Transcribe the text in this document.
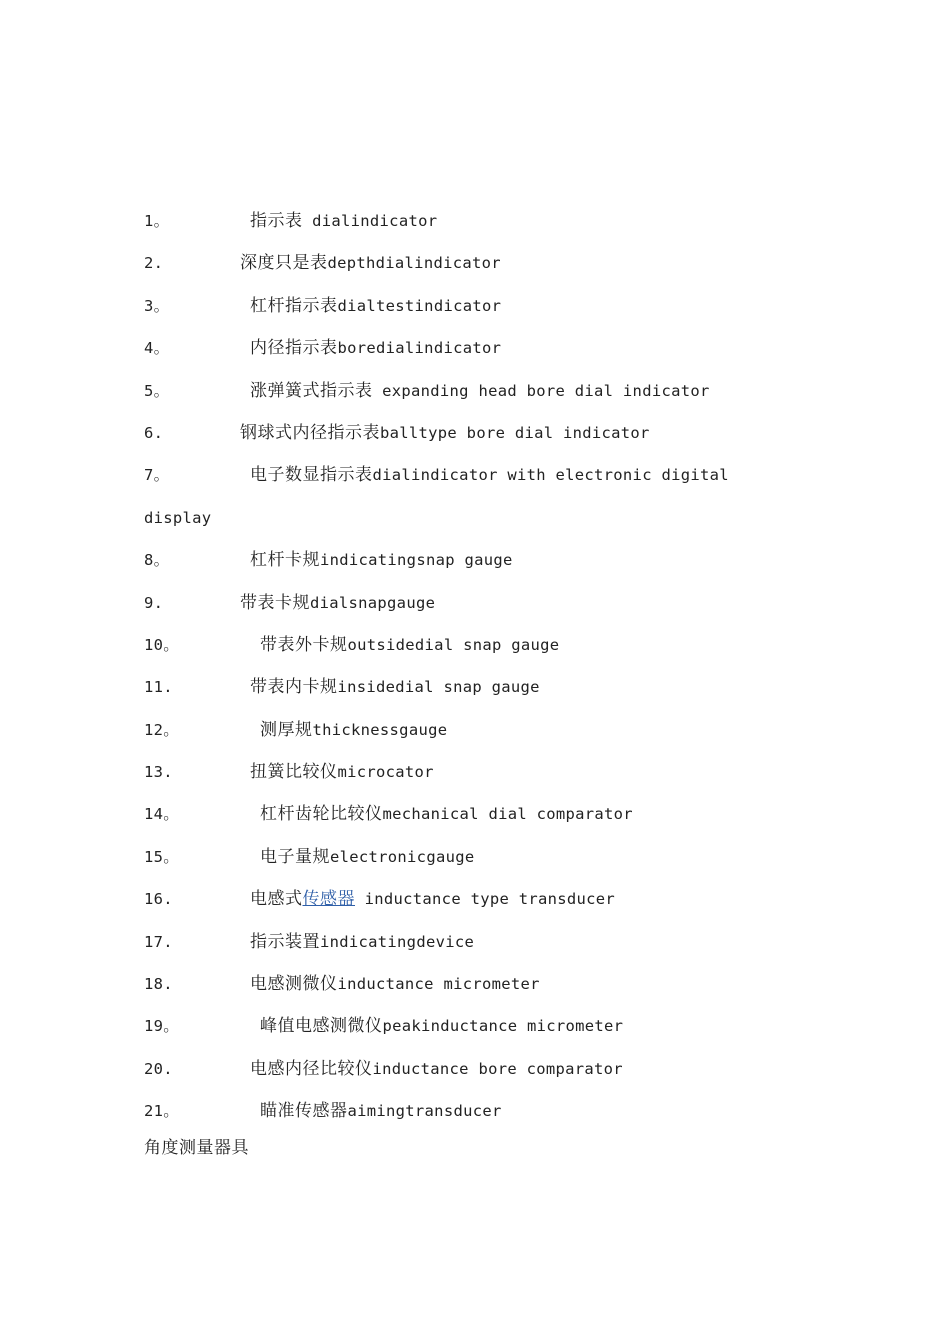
1。	指示表 dialindicator
2.	深度只是表depthdialindicator
3。	杠杆指示表dialtestindicator
4。	内径指示表boredialindicator
5。	涨弹簧式指示表 expanding head bore dial indicator
6.	钢球式内径指示表balltype bore dial indicator
7。	电子数显指示表dialindicator with electronic digital
display
8。	杠杆卡规indicatingsnap gauge
9.	带表卡规dialsnapgauge
10。	带表外卡规outsidedial snap gauge
11.	带表内卡规insidedial snap gauge
12。	测厚规thicknessgauge
13.	扭簧比较仪microcator
14。	杠杆齿轮比较仪mechanical dial comparator
15。	电子量规electronicgauge
16.	电感式传感器 inductance type transducer
17.	指示装置indicatingdevice
18.	电感测微仪inductance micrometer
19。	峰值电感测微仪peakinductance micrometer
20.	电感内径比较仪inductance bore comparator
21。	瞄准传感器aimingtransducer
角度测量器具
